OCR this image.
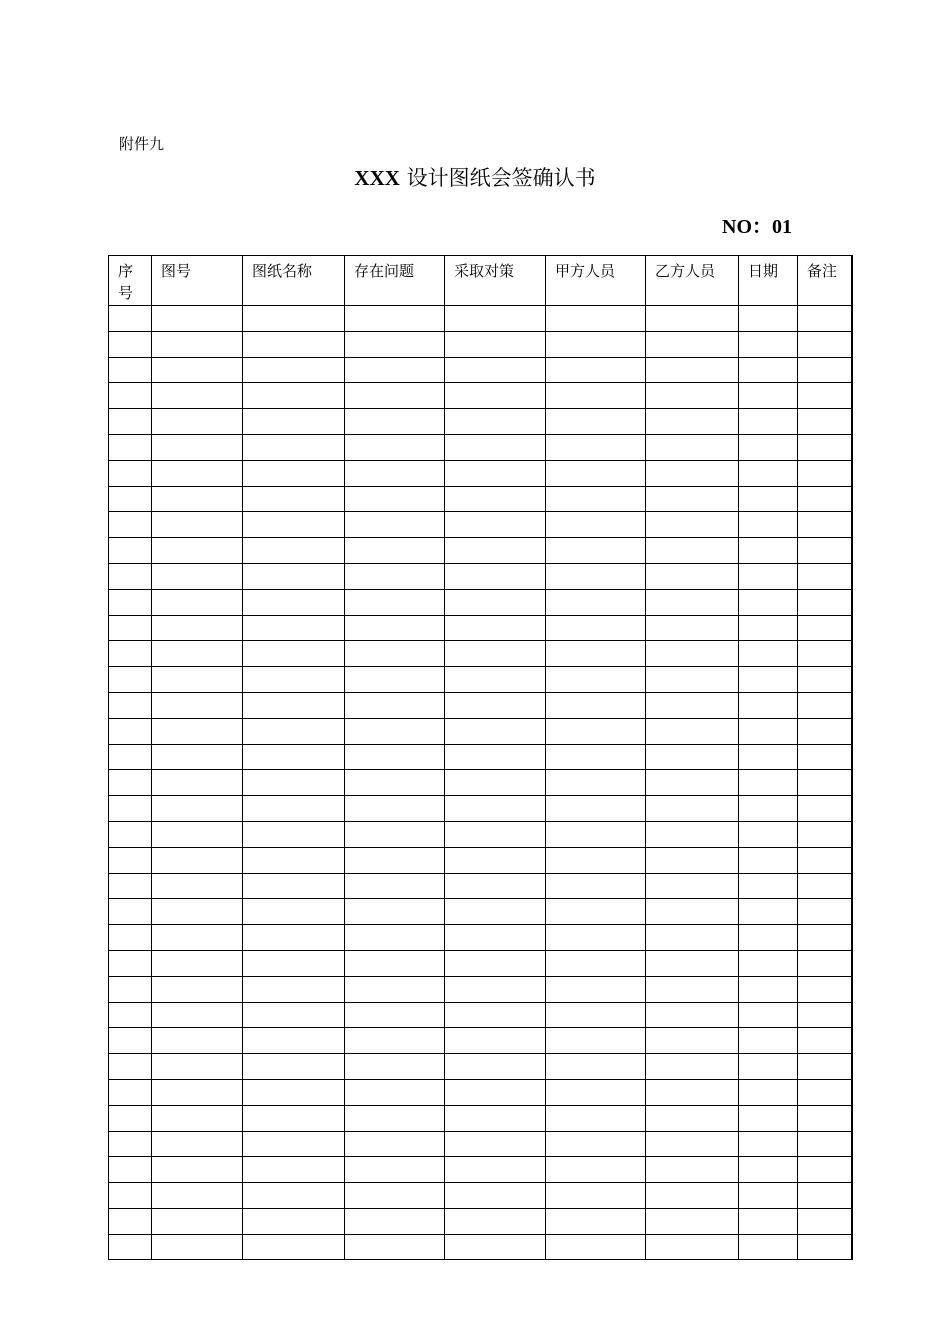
附件九
XXX 设计图纸会签确认书
NO：01
序号	图号	图纸名称	存在问题	采取对策	甲方人员	乙方人员	日期	备注
